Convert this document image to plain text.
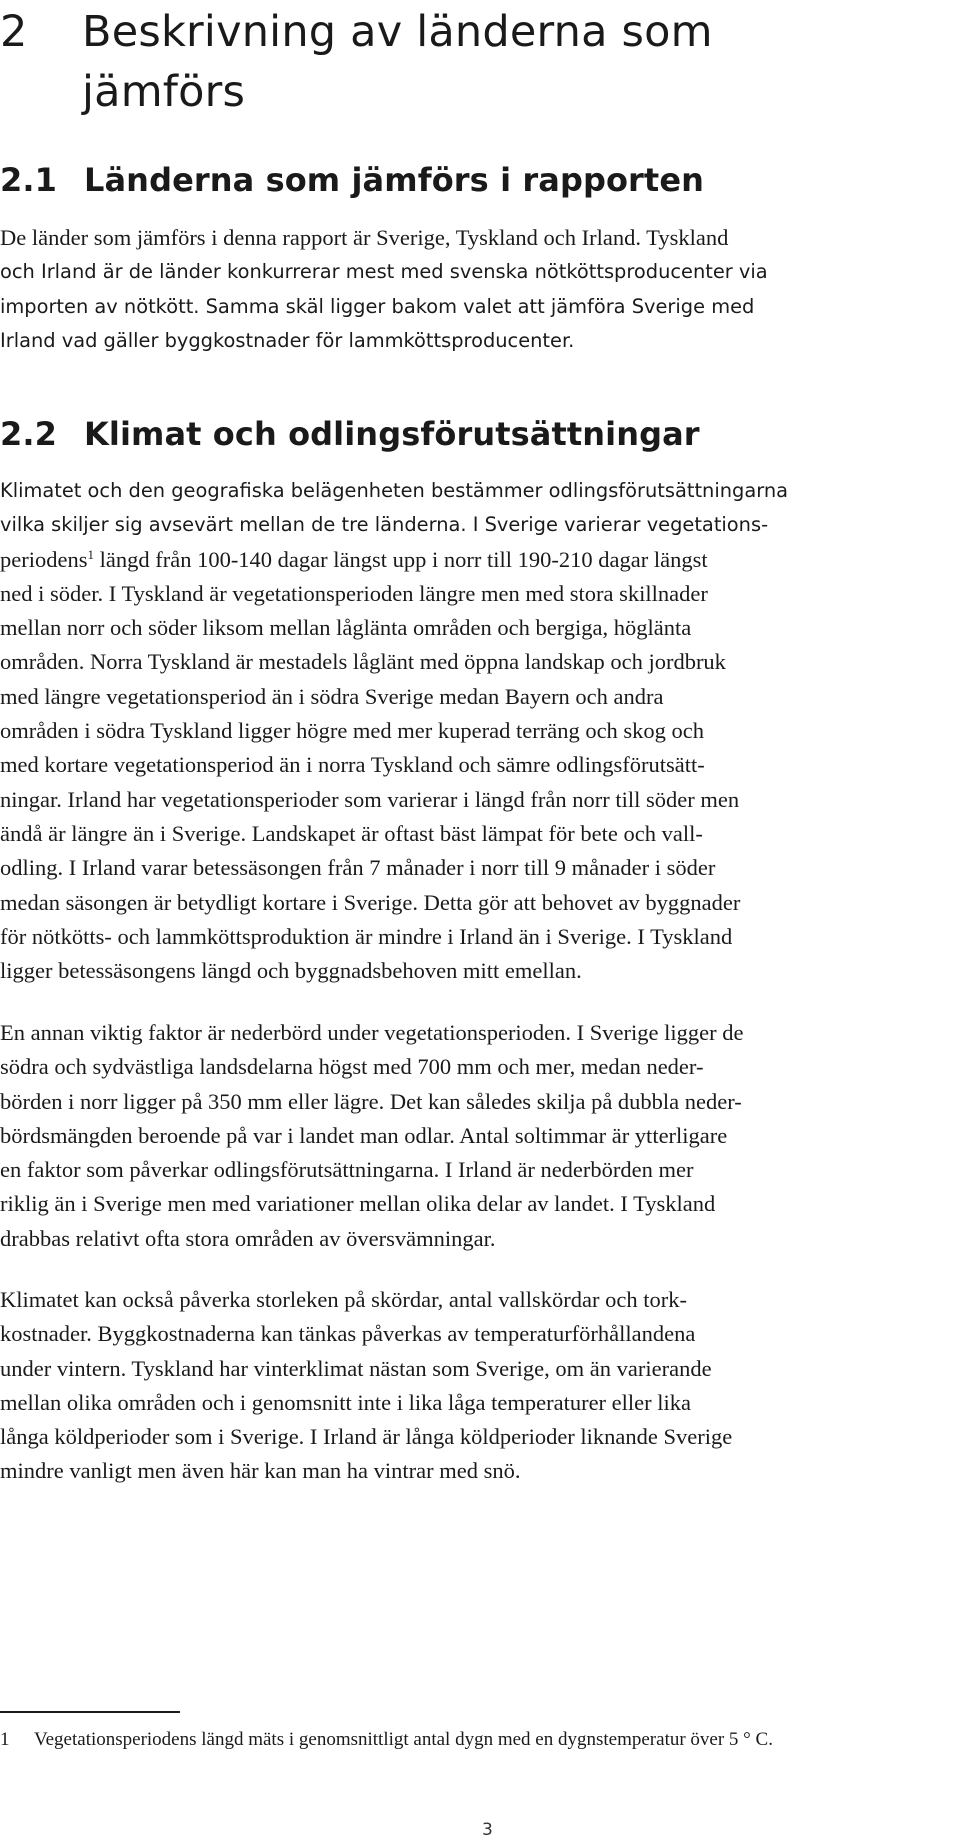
2 Beskrivning av länderna som jämförs
2.1 Länderna som jämförs i rapporten
De länder som jämförs i denna rapport är Sverige, Tyskland och Irland. Tyskland
och Irland är de länder konkurrerar mest med svenska nötköttsproducenter via
importen av nötkött. Samma skäl ligger bakom valet att jämföra Sverige med
Irland vad gäller byggkostnader för lammköttsproducenter.
2.2 Klimat och odlingsförutsättningar
Klimatet och den geografiska belägenheten bestämmer odlingsförutsättningarna
vilka skiljer sig avsevärt mellan de tre länderna. I Sverige varierar vegetations-
periodens$^1$ längd från 100-140 dagar längst upp i norr till 190-210 dagar längst
ned i söder. I Tyskland är vegetationsperioden längre men med stora skillnader
mellan norr och söder liksom mellan låglänta områden och bergiga, höglänta
områden. Norra Tyskland är mestadels låglänt med öppna landskap och jordbruk
med längre vegetationsperiod än i södra Sverige medan Bayern och andra
områden i södra Tyskland ligger högre med mer kuperad terräng och skog och
med kortare vegetationsperiod än i norra Tyskland och sämre odlingsförutsätt-
ningar. Irland har vegetationsperioder som varierar i längd från norr till söder men
ändå är längre än i Sverige. Landskapet är oftast bäst lämpat för bete och vall-
odling. I Irland varar betessäsongen från 7 månader i norr till 9 månader i söder
medan säsongen är betydligt kortare i Sverige. Detta gör att behovet av byggnader
för nötkötts- och lammköttsproduktion är mindre i Irland än i Sverige. I Tyskland
ligger betessäsongens längd och byggnadsbehoven mitt emellan.
En annan viktig faktor är nederbörd under vegetationsperioden. I Sverige ligger de
södra och sydvästliga landsdelarna högst med 700 mm och mer, medan neder-
börden i norr ligger på 350 mm eller lägre. Det kan således skilja på dubbla neder-
bördsmängden beroende på var i landet man odlar. Antal soltimmar är ytterligare
en faktor som påverkar odlingsförutsättningarna. I Irland är nederbörden mer
riklig än i Sverige men med variationer mellan olika delar av landet. I Tyskland
drabbas relativt ofta stora områden av översvämningar.
Klimatet kan också påverka storleken på skördar, antal vallskördar och tork-
kostnader. Byggkostnaderna kan tänkas påverkas av temperaturförhållandena
under vintern. Tyskland har vinterklimat nästan som Sverige, om än varierande
mellan olika områden och i genomsnitt inte i lika låga temperaturer eller lika
långa köldperioder som i Sverige. I Irland är långa köldperioder liknande Sverige
mindre vanligt men även här kan man ha vintrar med snö.

1 Vegetationsperiodens längd mäts i genomsnittligt antal dygn med en dygnstemperatur över 5 ° C.

3
